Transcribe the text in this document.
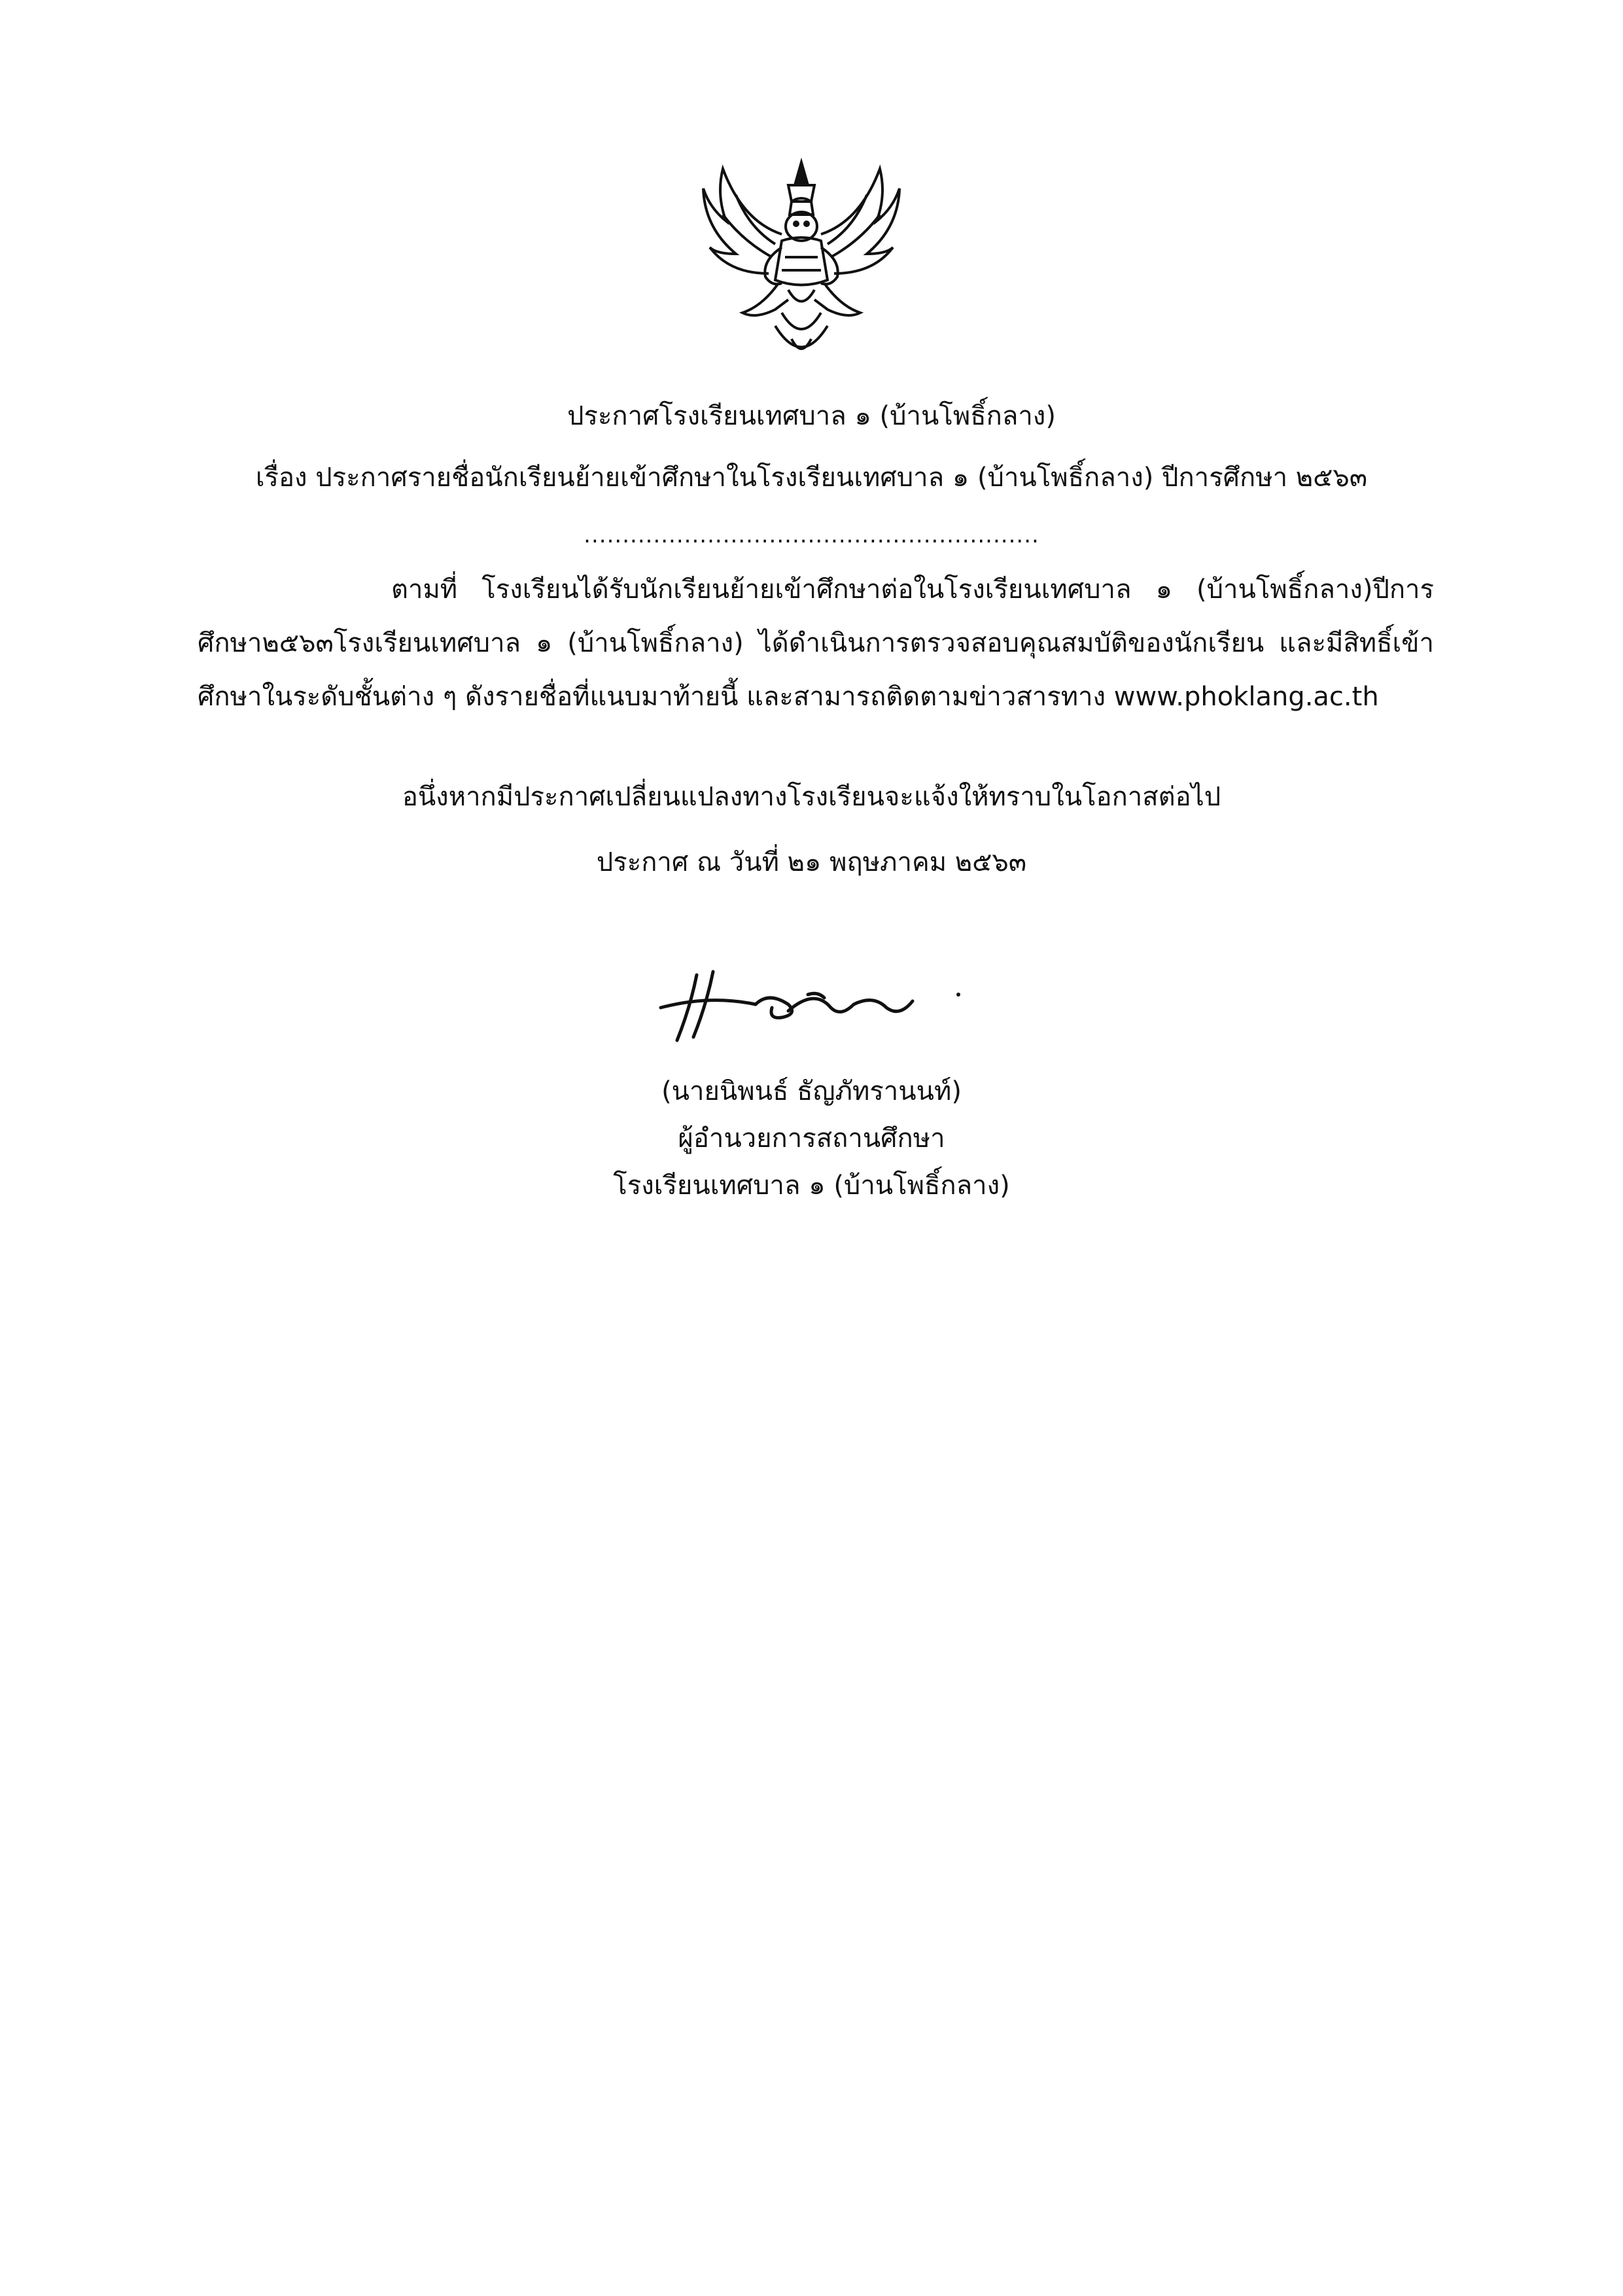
ประกาศโรงเรียนเทศบาล ๑ (บ้านโพธิ์กลาง)
เรื่อง ประกาศรายชื่อนักเรียนย้ายเข้าศึกษาในโรงเรียนเทศบาล ๑ (บ้านโพธิ์กลาง) ปีการศึกษา ๒๕๖๓
...........................................................
ตามที่ โรงเรียนได้รับนักเรียนย้ายเข้าศึกษาต่อในโรงเรียนเทศบาล ๑ (บ้านโพธิ์กลาง)ปีการศึกษา๒๕๖๓โรงเรียนเทศบาล ๑ (บ้านโพธิ์กลาง) ได้ดำเนินการตรวจสอบคุณสมบัติของนักเรียน และมีสิทธิ์เข้าศึกษาในระดับชั้นต่าง ๆ ดังรายชื่อที่แนบมาท้ายนี้ และสามารถติดตามข่าวสารทาง www.phoklang.ac.th
อนึ่งหากมีประกาศเปลี่ยนแปลงทางโรงเรียนจะแจ้งให้ทราบในโอกาสต่อไป
ประกาศ ณ วันที่ ๒๑ พฤษภาคม ๒๕๖๓
(นายนิพนธ์ ธัญภัทรานนท์)
ผู้อำนวยการสถานศึกษา
โรงเรียนเทศบาล ๑ (บ้านโพธิ์กลาง)
